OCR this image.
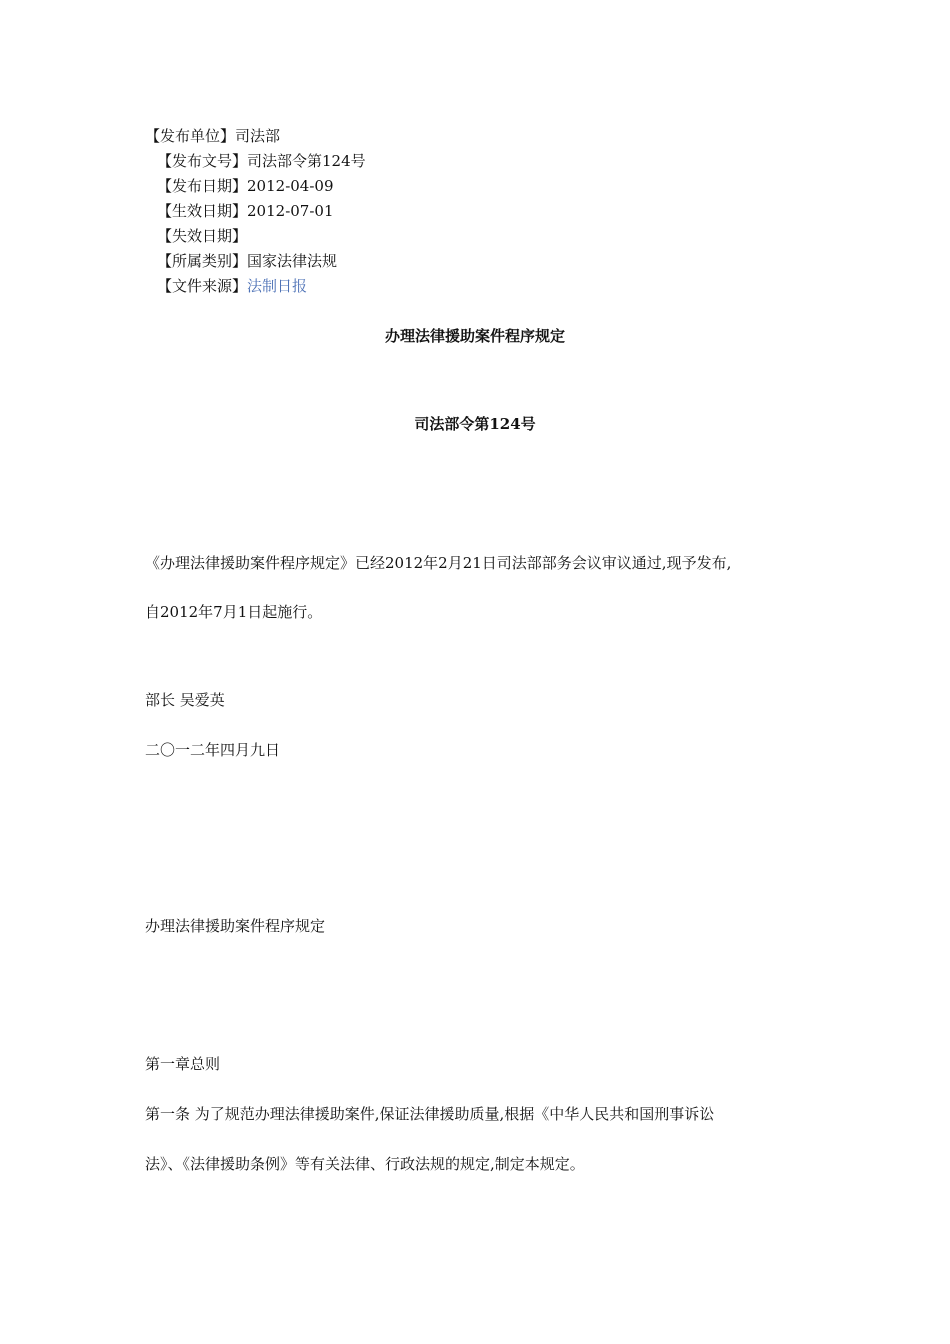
【发布单位】司法部
【发布文号】司法部令第124号
【发布日期】2012-04-09
【生效日期】2012-07-01
【失效日期】
【所属类别】国家法律法规
【文件来源】法制日报
办理法律援助案件程序规定
司法部令第124号
《办理法律援助案件程序规定》已经2012年2月21日司法部部务会议审议通过,现予发布,
自2012年7月1日起施行。
部长 吴爱英
二〇一二年四月九日
办理法律援助案件程序规定
第一章总则
第一条 为了规范办理法律援助案件,保证法律援助质量,根据《中华人民共和国刑事诉讼
法》、《法律援助条例》等有关法律、行政法规的规定,制定本规定。
